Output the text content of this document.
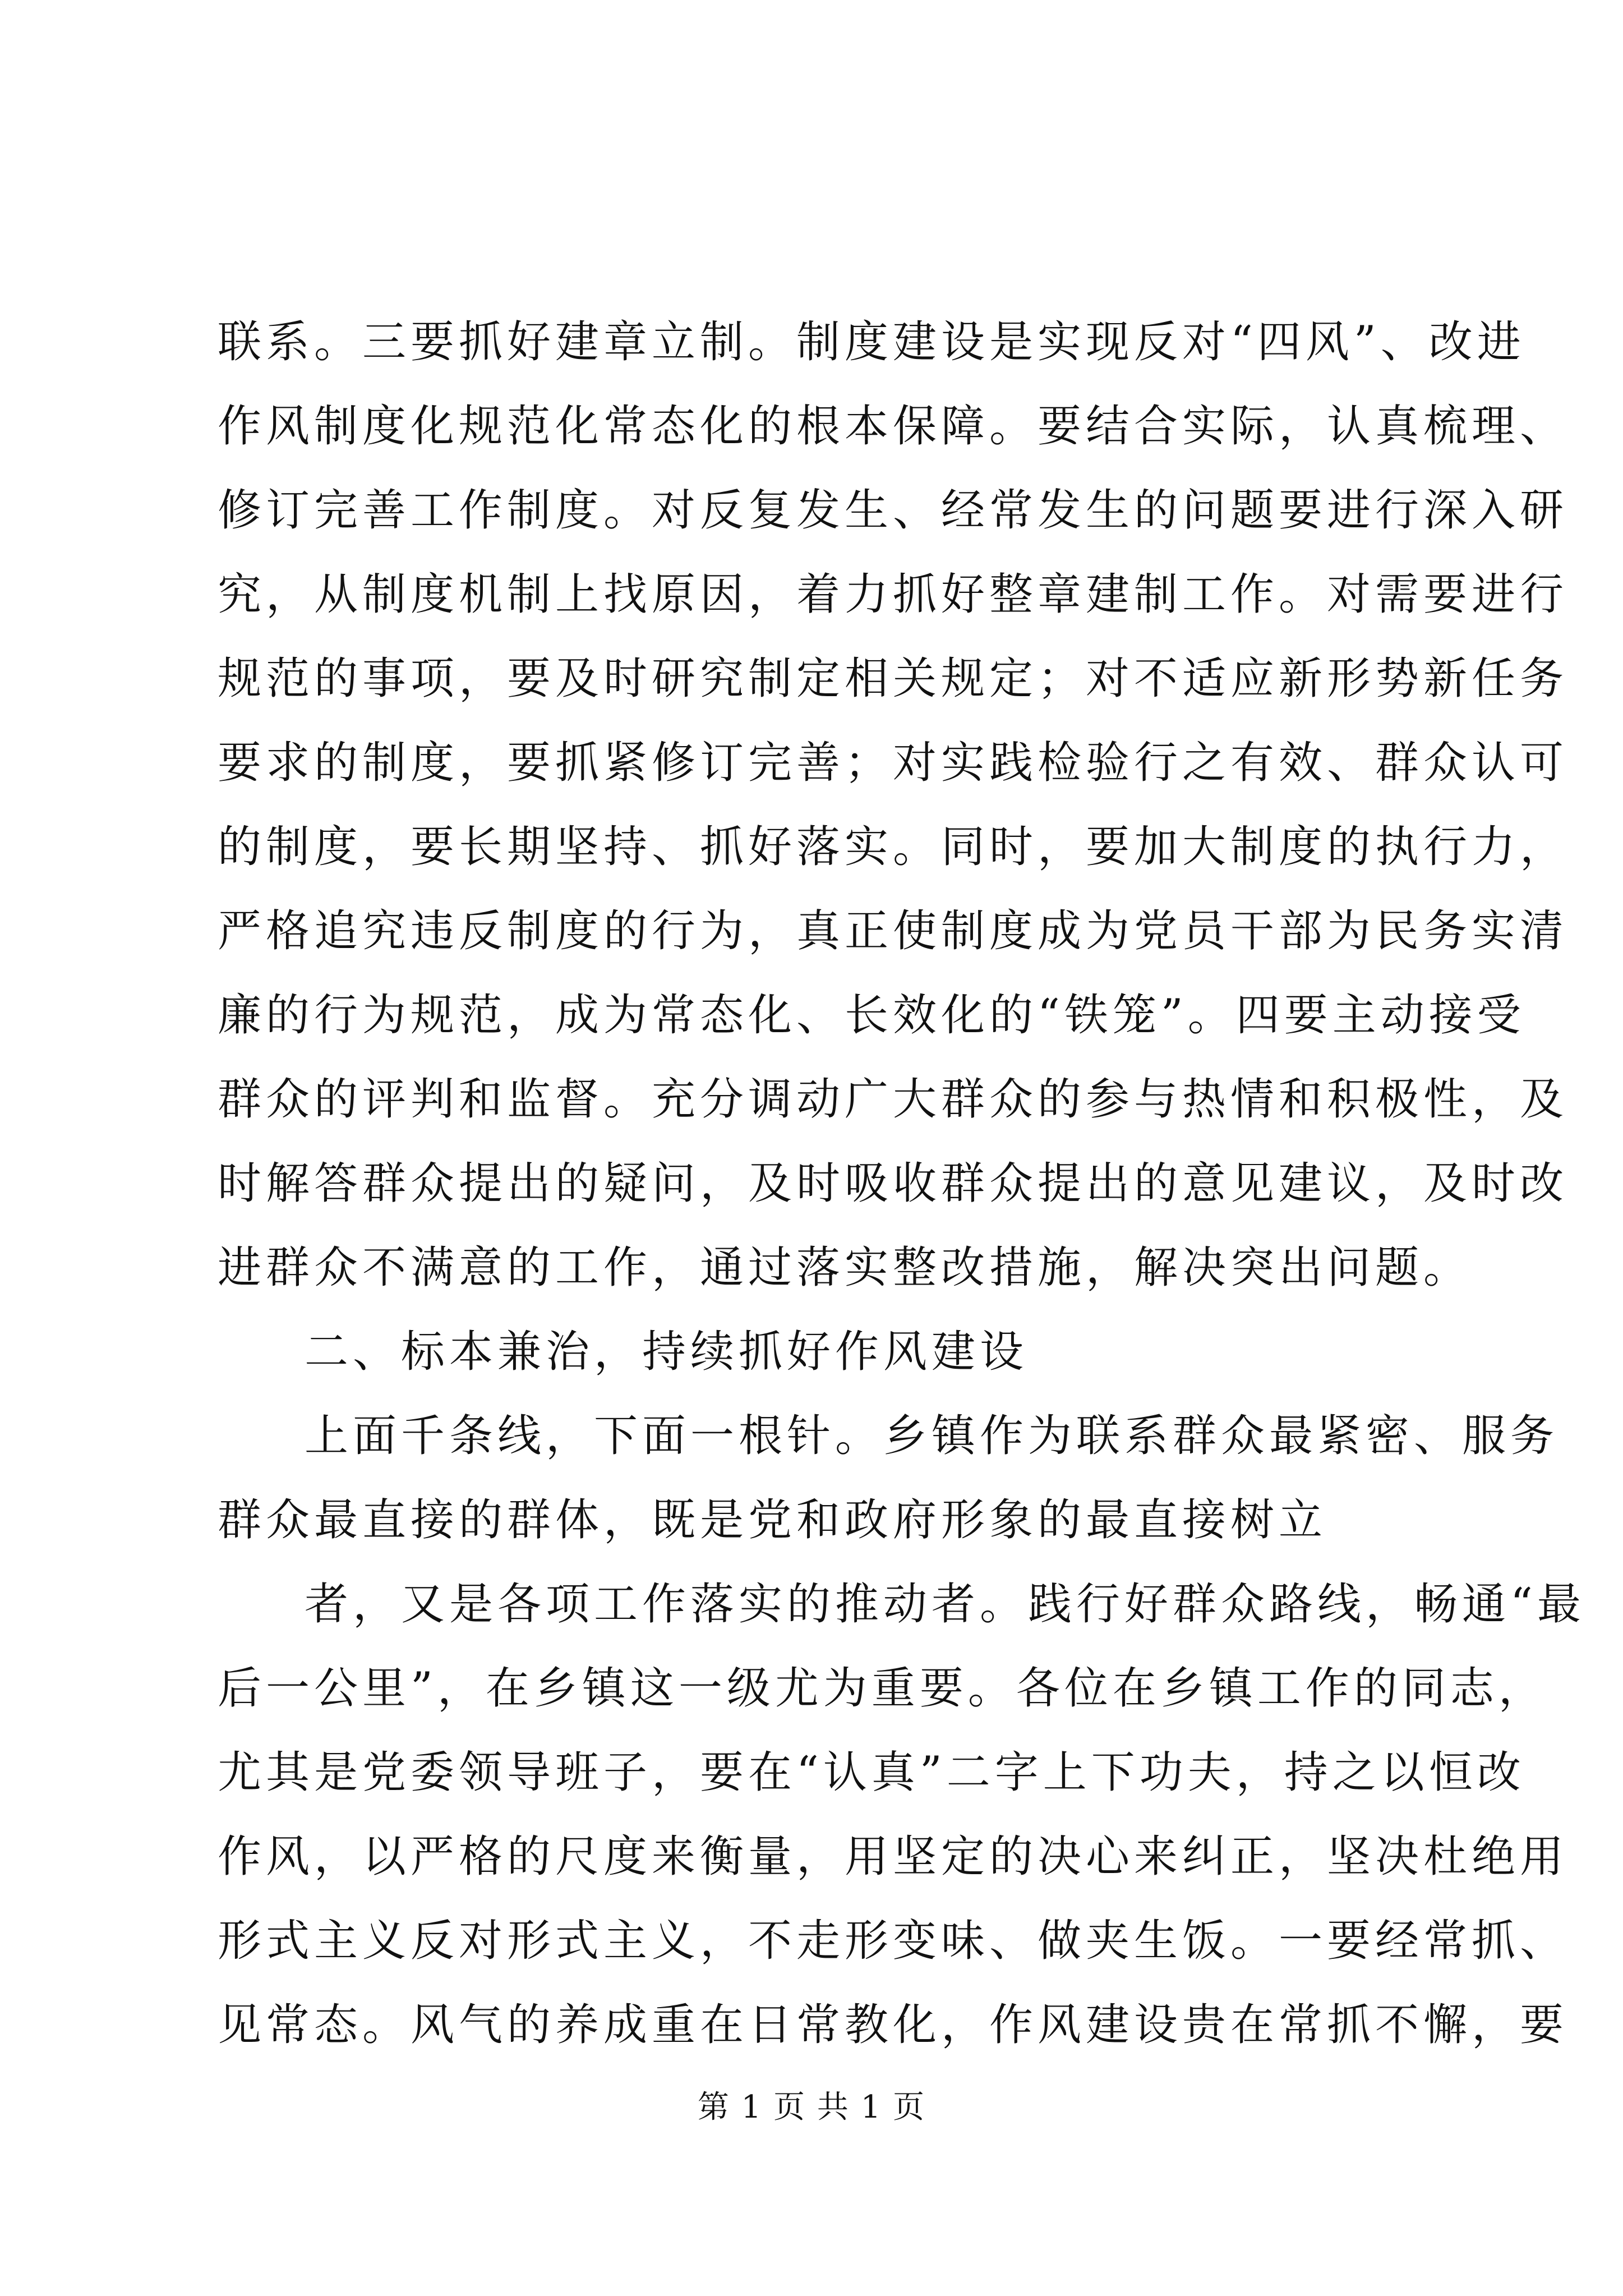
联系。三要抓好建章立制。制度建设是实现反对“四风”、改进
作风制度化规范化常态化的根本保障。要结合实际，认真梳理、
修订完善工作制度。对反复发生、经常发生的问题要进行深入研
究，从制度机制上找原因，着力抓好整章建制工作。对需要进行
规范的事项，要及时研究制定相关规定；对不适应新形势新任务
要求的制度，要抓紧修订完善；对实践检验行之有效、群众认可
的制度，要长期坚持、抓好落实。同时，要加大制度的执行力，
严格追究违反制度的行为，真正使制度成为党员干部为民务实清
廉的行为规范，成为常态化、长效化的“铁笼”。四要主动接受
群众的评判和监督。充分调动广大群众的参与热情和积极性，及
时解答群众提出的疑问，及时吸收群众提出的意见建议，及时改
进群众不满意的工作，通过落实整改措施，解决突出问题。
二、标本兼治，持续抓好作风建设
上面千条线，下面一根针。乡镇作为联系群众最紧密、服务
群众最直接的群体，既是党和政府形象的最直接树立
者，又是各项工作落实的推动者。践行好群众路线，畅通“最
后一公里”，在乡镇这一级尤为重要。各位在乡镇工作的同志，
尤其是党委领导班子，要在“认真”二字上下功夫，持之以恒改
作风，以严格的尺度来衡量，用坚定的决心来纠正，坚决杜绝用
形式主义反对形式主义，不走形变味、做夹生饭。一要经常抓、
见常态。风气的养成重在日常教化，作风建设贵在常抓不懈，要
第 1 页 共 1 页
